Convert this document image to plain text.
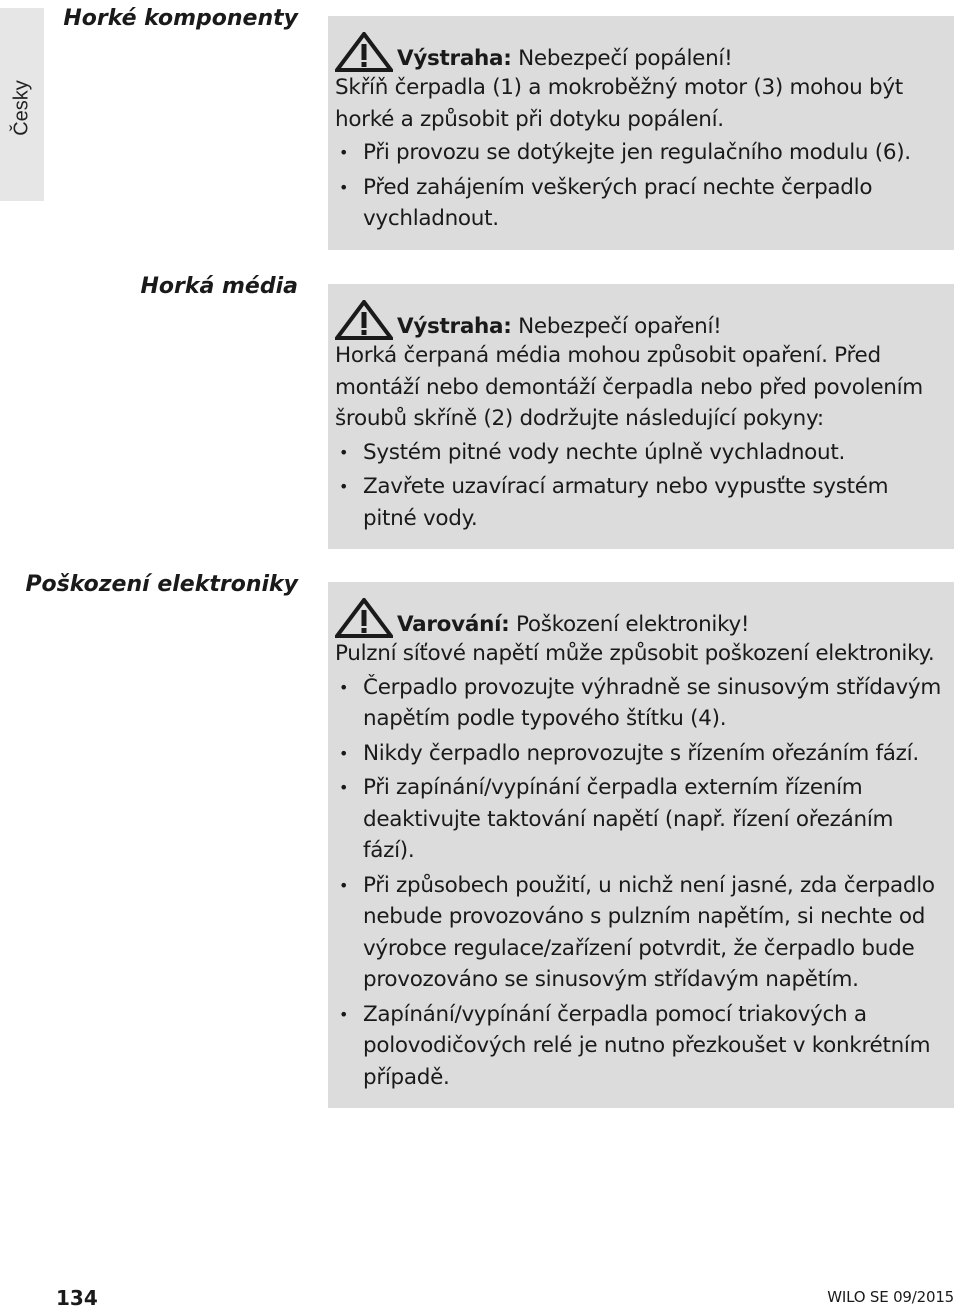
Česky
Horké komponenty
Výstraha: Nebezpečí popálení!
Skříň čerpadla (1) a mokroběžný motor (3) mohou být horké a způsobit při dotyku popálení.
• Při provozu se dotýkejte jen regulačního modulu (6).
• Před zahájením veškerých prací nechte čerpadlo vychladnout.
Horká média
Výstraha: Nebezpečí opaření!
Horká čerpaná média mohou způsobit opaření. Před montáží nebo demontáží čerpadla nebo před povolením šroubů skříně (2) dodržujte následující pokyny:
• Systém pitné vody nechte úplně vychladnout.
• Zavřete uzavírací armatury nebo vypusťte systém pitné vody.
Poškození elektroniky
Varování: Poškození elektroniky!
Pulzní síťové napětí může způsobit poškození elektroniky.
• Čerpadlo provozujte výhradně se sinusovým střídavým napětím podle typového štítku (4).
• Nikdy čerpadlo neprovozujte s řízením ořezáním fází.
• Při zapínání/vypínání čerpadla externím řízením deaktivujte taktování napětí (např. řízení ořezáním fází).
• Při způsobech použití, u nichž není jasné, zda čerpadlo nebude provozováno s pulzním napětím, si nechte od výrobce regulace/zařízení potvrdit, že čerpadlo bude provozováno se sinusovým střídavým napětím.
• Zapínání/vypínání čerpadla pomocí triakových a polovodičových relé je nutno přezkoušet v konkrétním případě.
134	WILO SE 09/2015
